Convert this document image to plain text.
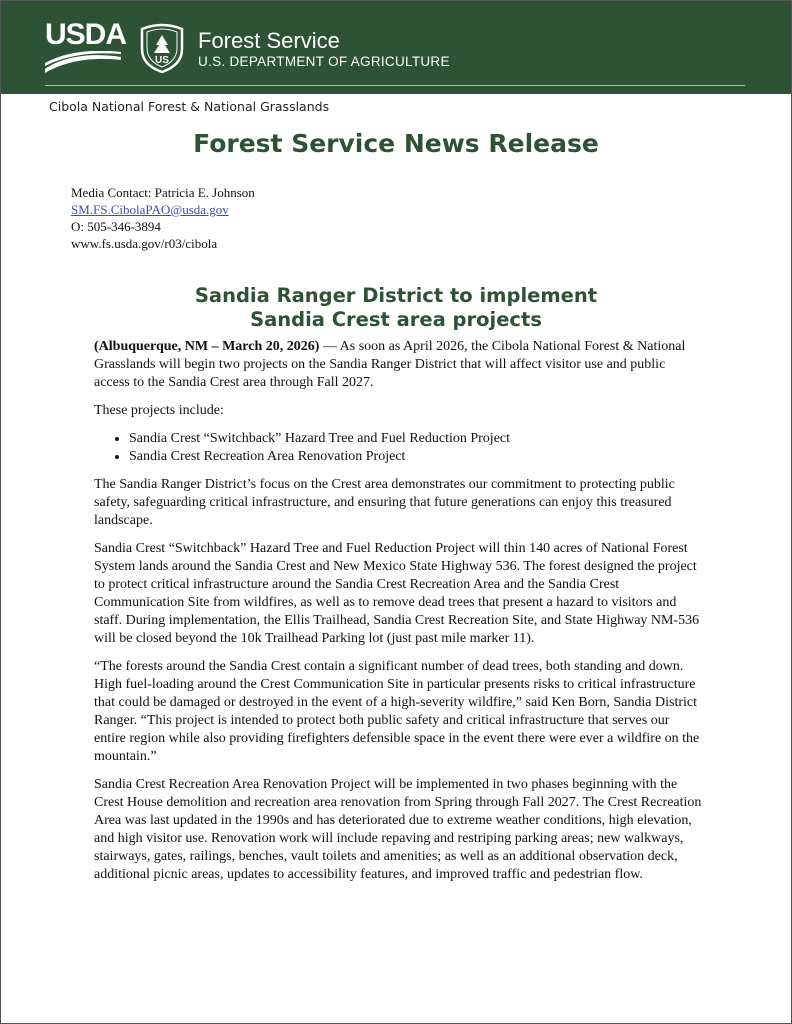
USDA
US
Forest Service
U.S. DEPARTMENT OF AGRICULTURE
Cibola National Forest & National Grasslands
Forest Service News Release
Media Contact: Patricia E. Johnson
SM.FS.CibolaPAO@usda.gov
O: 505-346-3894
www.fs.usda.gov/r03/cibola
Sandia Ranger District to implement
Sandia Crest area projects

(Albuquerque, NM – March 20, 2026) — As soon as April 2026, the Cibola National Forest & National Grasslands will begin two projects on the Sandia Ranger District that will affect visitor use and public access to the Sandia Crest area through Fall 2027.

These projects include:

• Sandia Crest “Switchback” Hazard Tree and Fuel Reduction Project
• Sandia Crest Recreation Area Renovation Project

The Sandia Ranger District’s focus on the Crest area demonstrates our commitment to protecting public safety, safeguarding critical infrastructure, and ensuring that future generations can enjoy this treasured landscape.

Sandia Crest “Switchback” Hazard Tree and Fuel Reduction Project will thin 140 acres of National Forest System lands around the Sandia Crest and New Mexico State Highway 536. The forest designed the project to protect critical infrastructure around the Sandia Crest Recreation Area and the Sandia Crest Communication Site from wildfires, as well as to remove dead trees that present a hazard to visitors and staff. During implementation, the Ellis Trailhead, Sandia Crest Recreation Site, and State Highway NM-536 will be closed beyond the 10k Trailhead Parking lot (just past mile marker 11).

“The forests around the Sandia Crest contain a significant number of dead trees, both standing and down. High fuel-loading around the Crest Communication Site in particular presents risks to critical infrastructure that could be damaged or destroyed in the event of a high-severity wildfire,” said Ken Born, Sandia District Ranger. “This project is intended to protect both public safety and critical infrastructure that serves our entire region while also providing firefighters defensible space in the event there were ever a wildfire on the mountain.”

Sandia Crest Recreation Area Renovation Project will be implemented in two phases beginning with the Crest House demolition and recreation area renovation from Spring through Fall 2027. The Crest Recreation Area was last updated in the 1990s and has deteriorated due to extreme weather conditions, high elevation, and high visitor use. Renovation work will include repaving and restriping parking areas; new walkways, stairways, gates, railings, benches, vault toilets and amenities; as well as an additional observation deck, additional picnic areas, updates to accessibility features, and improved traffic and pedestrian flow.
